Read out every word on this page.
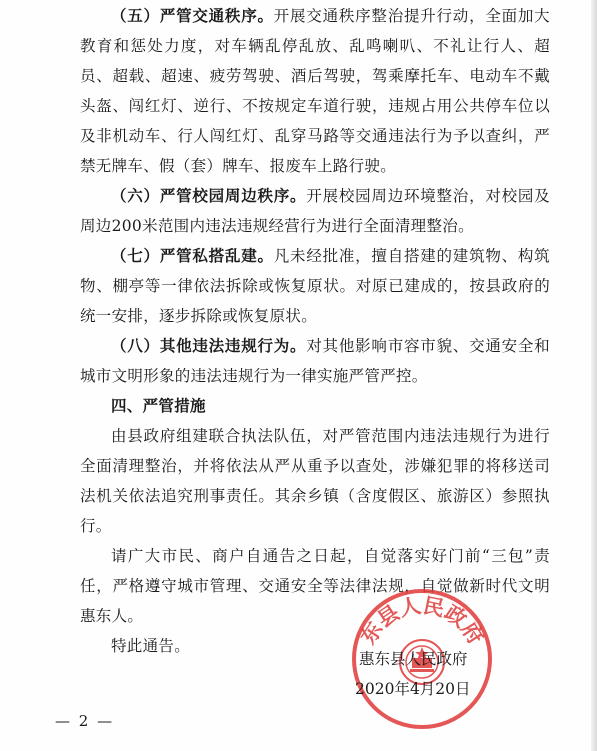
（五）严管交通秩序。开展交通秩序整治提升行动，全面加大教育和惩处力度，对车辆乱停乱放、乱鸣喇叭、不礼让行人、超员、超载、超速、疲劳驾驶、酒后驾驶，驾乘摩托车、电动车不戴头盔、闯红灯、逆行、不按规定车道行驶，违规占用公共停车位以及非机动车、行人闯红灯、乱穿马路等交通违法行为予以查纠，严禁无牌车、假（套）牌车、报废车上路行驶。

（六）严管校园周边秩序。开展校园周边环境整治，对校园及周边200米范围内违法违规经营行为进行全面清理整治。

（七）严管私搭乱建。凡未经批准，擅自搭建的建筑物、构筑物、棚亭等一律依法拆除或恢复原状。对原已建成的，按县政府的统一安排，逐步拆除或恢复原状。

（八）其他违法违规行为。对其他影响市容市貌、交通安全和城市文明形象的违法违规行为一律实施严管严控。

四、严管措施

由县政府组建联合执法队伍，对严管范围内违法违规行为进行全面清理整治，并将依法从严从重予以查处，涉嫌犯罪的将移送司法机关依法追究刑事责任。其余乡镇（含度假区、旅游区）参照执行。

请广大市民、商户自通告之日起，自觉落实好门前“三包”责任，严格遵守城市管理、交通安全等法律法规，自觉做新时代文明惠东人。

特此通告。	东县人民政府
惠东县人民政府
2020年4月20日
— 2 —
